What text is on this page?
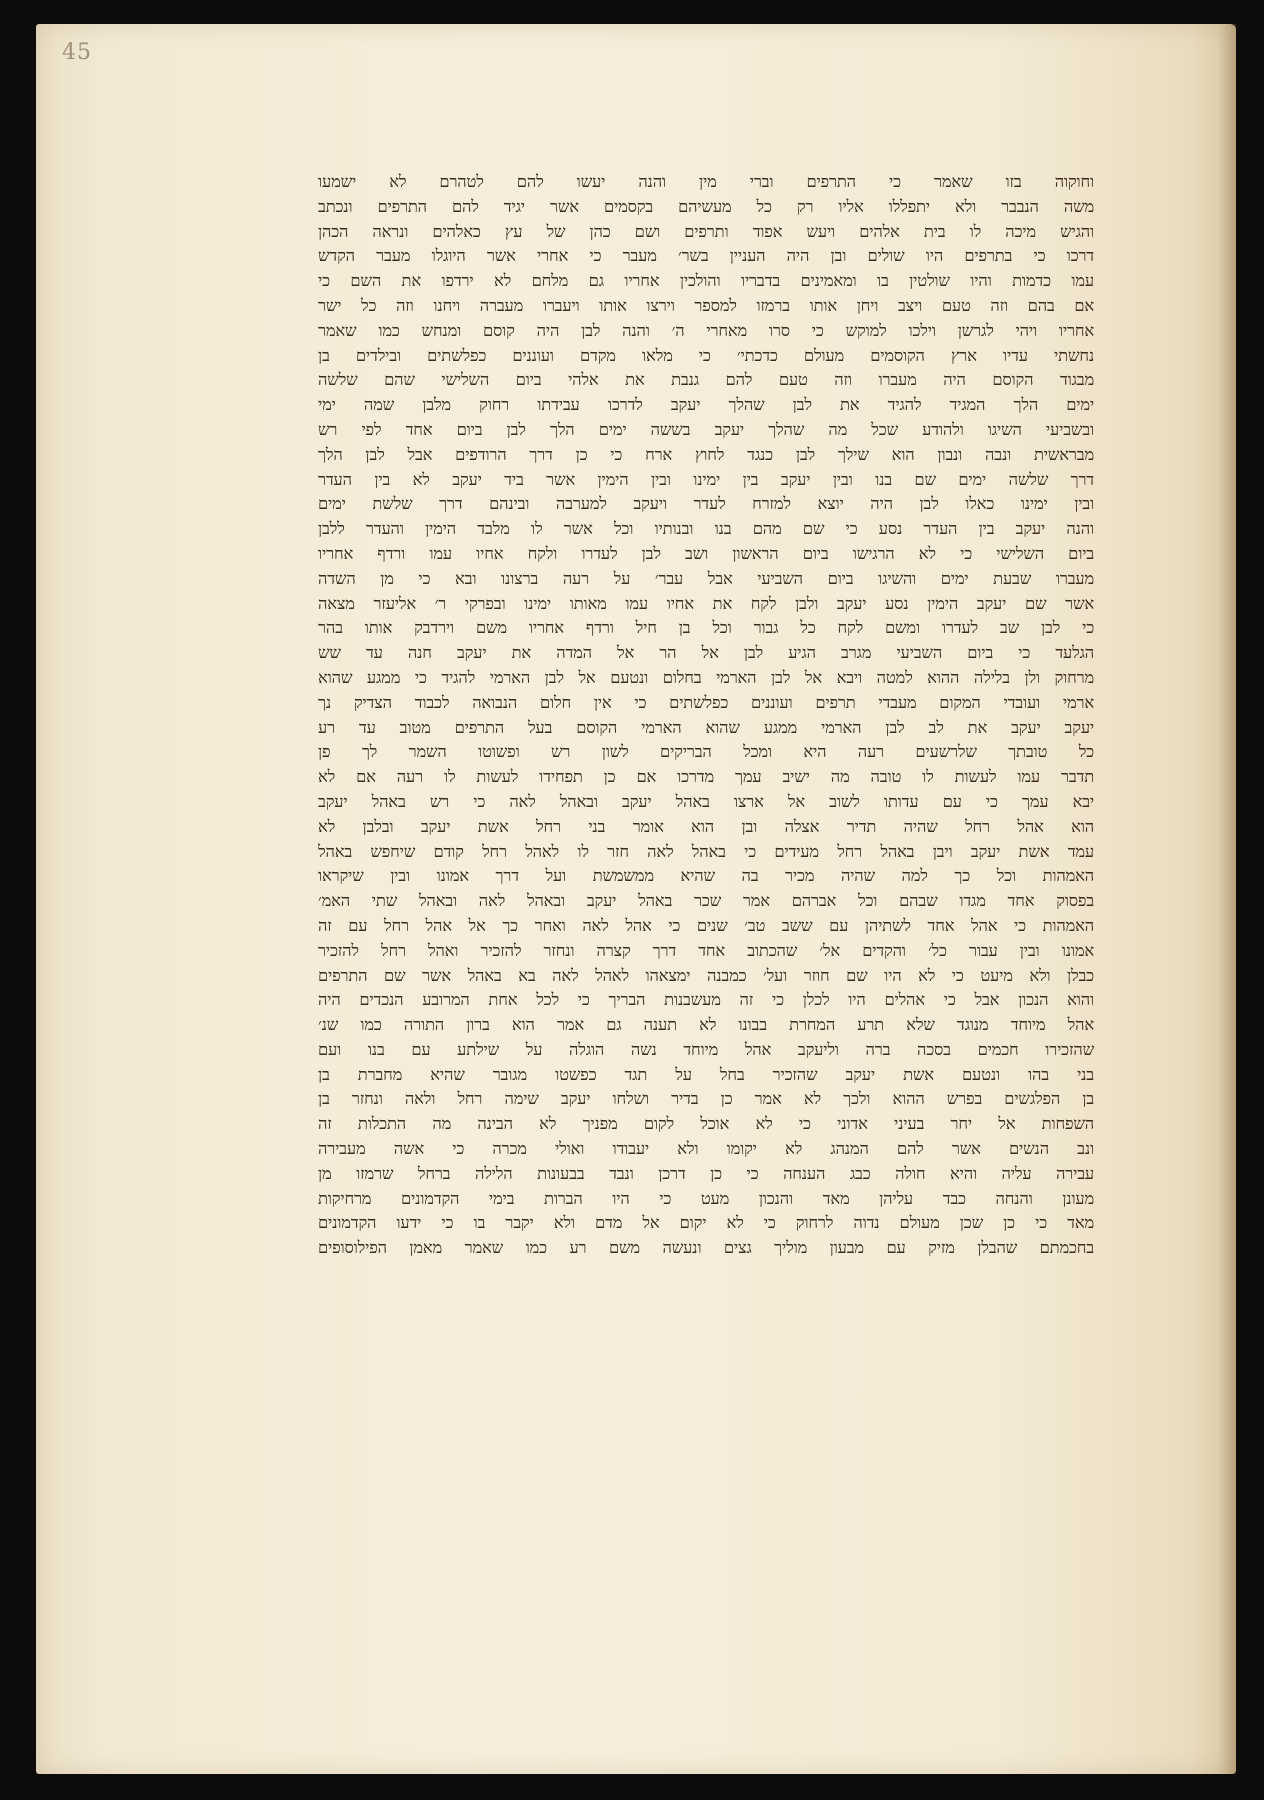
45
וחוקוה בזו שאמר כי התרפים וברי מין והנה יעשו להם לטהרם לא ישמעו
משה הנבבר ולא יתפללו אליו רק כל מעשיהם בקסמים אשר יגיד להם התרפים ונכתב
והגיש מיכה לו בית אלהים ויעש אפוד ותרפים ושם כהן של עץ כאלהים ונראה הכהן
דרכו כי בתרפים היו שולים ובן היה העניין בשר׳ מעבר כי אחרי אשר היוגלו מעבר הקדש
עמו כדמות והיו שולטין בו ומאמינים בדבריו והולכין אחריו גם מלחם לא ירדפו את השם כי
אם בהם וזה טעם ויצב ויחן אותו ברמזו למספר וירצו אותו ויעברו מעברה ויחנו וזה כל ישר
אחריו ויהי לגרשן וילכו למוקש כי סרו מאחרי ה׳ והנה לבן היה קוסם ומנחש כמו שאמר
נחשתי עדיו ארץ הקוסמים מעולם כדכתי׳ כי מלאו מקדם ועוננים כפלשתים ובילדים בן
מבגוד הקוסם היה מעברו וזה טעם להם גנבת את אלהי ביום השלישי שהם שלשה
ימים הלך המגיד להגיד את לבן שהלך יעקב לדרכו עבידתו רחוק מלבן שמה ימי
ובשביעי השיגו ולהודע שכל מה שהלך יעקב בששה ימים הלך לבן ביום אחד לפי רש
מבראשית ונבה ונבון הוא שילך לבן כנגד לחוץ ארח כי כן דרך הרודפים אבל לבן הלך
דרך שלשה ימים שם בנו ובין יעקב בין ימינו ובין הימין אשר ביד יעקב לא בין העדר
ובין ימינו כאלו לבן היה יוצא למזרח לעדר ויעקב למערבה ובינהם דרך שלשת ימים
והנה יעקב בין העדר נסע כי שם מהם בנו ובנותיו וכל אשר לו מלבד הימין והעדר ללבן
ביום השלישי כי לא הרגישו ביום הראשון ושב לבן לעדרו ולקח אחיו עמו ורדף אחריו
מעברו שבעת ימים והשיגו ביום השביעי אבל עבר׳ על רעה ברצונו ובא כי מן השדה
אשר שם יעקב הימין נסע יעקב ולבן לקח את אחיו עמו מאותו ימינו ובפרקי ר׳ אליעזר מצאה
כי לבן שב לעדרו ומשם לקח כל גבור וכל בן חיל ורדף אחריו משם וירדבק אותו בהר
הגלעד כי ביום השביעי מגרב הגיע לבן אל הר אל המדה את יעקב חנה עד שש
מרחוק ולן בלילה ההוא למטה ויבא אל לבן הארמי בחלום ונטעם אל לבן הארמי להגיד כי ממגע שהוא
ארמי ועובדי המקום מעבדי תרפים ועוננים כפלשתים כי אין חלום הנבואה לכבוד הצדיק נך
יעקב יעקב את לב לבן הארמי ממגע שהוא הארמי הקוסם בעל התרפים מטוב עד רע
כל טובתך שלרשעים רעה היא ומכל הבריקים לשון רש ופשוטו השמר לך פן
תדבר עמו לעשות לו טובה מה ישיב עמך מדרכו אם כן תפחידו לעשות לו רעה אם לא
יבא עמך כי עם עדותו לשוב אל ארצו באהל יעקב ובאהל לאה כי רש באהל יעקב
הוא אהל רחל שהיה תדיר אצלה ובן הוא אומר בני רחל אשת יעקב ובלבן לא
עמד אשת יעקב ויבן באהל רחל מעידים כי באהל לאה חזר לו לאהל רחל קודם שיחפש באהל
האמהות וכל כך למה שהיה מכיר בה שהיא ממשמשת ועל דרך אמונו ובין שיקראו
בפסוק אחד מגדו שבהם וכל אברהם אמר שכר באהל יעקב ובאהל לאה ובאהל שתי האמ׳
האמהות כי אהל אחד לשתיהן עם ששב טב׳ שנים כי אהל לאה ואחר כך אל אהל רחל עם זה
אמונו ובין עבור כל׳ והקדים אל׳ שהכתוב אחד דרך קצרה ונחזר להזכיר ואהל רחל להזכיר
כבלן ולא מיעט כי לא היו שם חוזר ועל׳ כמבנה ימצאהו לאהל לאה בא באהל אשר שם התרפים
והוא הנכון אבל כי אהלים היו לכלן כי זה מעשבנות הבריך כי לכל אחת המרובע הנכדים היה
אהל מיוחד מנוגד שלא תרע המחרת בבונו לא תענה גם אמר הוא ברון התורה כמו שנ׳
שהזכירו חכמים בסכה ברה וליעקב אהל מיוחד נשה הוגלה על שילתע עם בנו ועם
בני בהו ונטעם אשת יעקב שהזכיר בחל על תגד כפשטו מגובר שהיא מחברת בן
בן הפלגשים בפרש ההוא ולכך לא אמר כן בדיר ושלחו יעקב שימה רחל ולאה ונחזר בן
השפחות אל יחר בעיני אדוני כי לא אוכל לקום מפניך לא הבינה מה התכלות זה
ונב הנשים אשר להם המנהג לא יקומו ולא יעבודו ואולי מכרה כי אשה מעבירה
עבירה עליה והיא חולה כבג הענחה כי כן דרכן ונבד בבעונות הלילה ברחל שרמזו מן
מעונן והנחה כבד עליהן מאד והנכון מעט כי היו הברות בימי הקדמונים מרחיקות
מאד כי כן שכן מעולם נדוה לרחוק כי לא יקום אל מדם ולא יקבר בו כי ידעו הקדמונים
בחכמתם שהבלן מזיק עם מבעון מוליך גצים ונעשה משם רע כמו שאמר מאמן הפילוסופים
